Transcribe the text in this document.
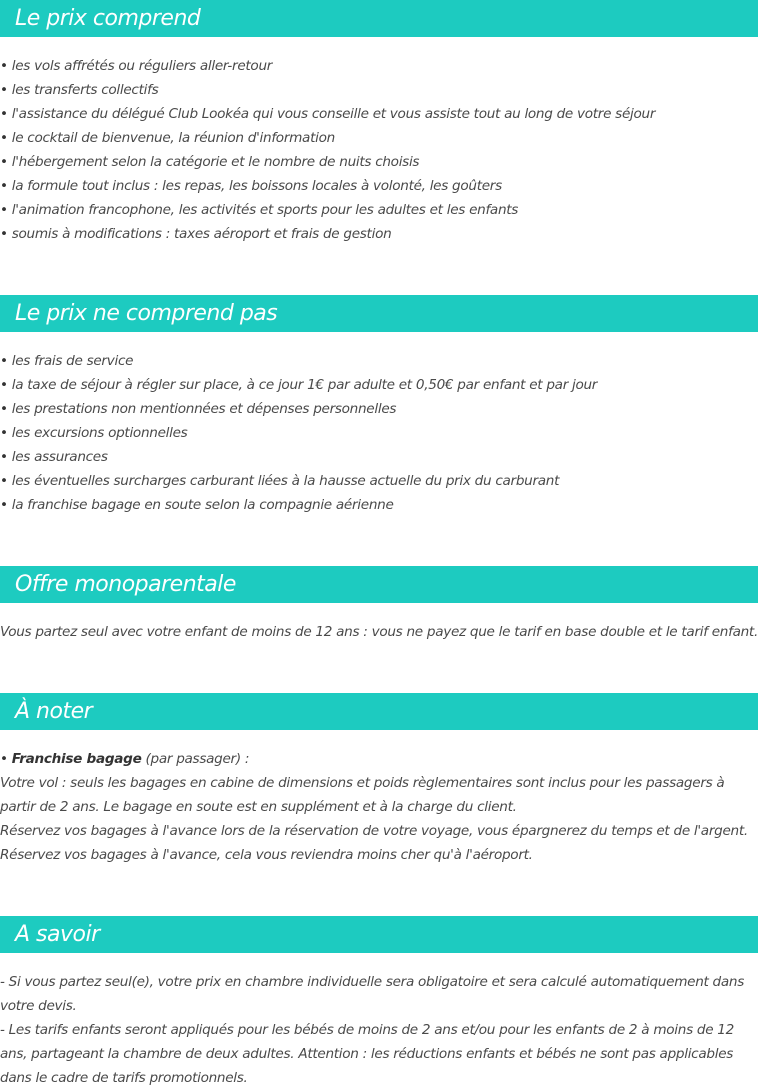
Le prix comprend
• les vols affrétés ou réguliers aller-retour
• les transferts collectifs
• l'assistance du délégué Club Lookéa qui vous conseille et vous assiste tout au long de votre séjour
• le cocktail de bienvenue, la réunion d'information
• l'hébergement selon la catégorie et le nombre de nuits choisis
• la formule tout inclus : les repas, les boissons locales à volonté, les goûters
• l'animation francophone, les activités et sports pour les adultes et les enfants
• soumis à modifications : taxes aéroport et frais de gestion
Le prix ne comprend pas
• les frais de service
• la taxe de séjour à régler sur place, à ce jour 1€ par adulte et 0,50€ par enfant et par jour
• les prestations non mentionnées et dépenses personnelles
• les excursions optionnelles
• les assurances
• les éventuelles surcharges carburant liées à la hausse actuelle du prix du carburant
• la franchise bagage en soute selon la compagnie aérienne
Offre monoparentale

Vous partez seul avec votre enfant de moins de 12 ans : vous ne payez que le tarif en base double et le tarif enfant.

À noter

• Franchise bagage (par passager) :

Votre vol : seuls les bagages en cabine de dimensions et poids règlementaires sont inclus pour les passagers à partir de 2 ans. Le bagage en soute est en supplément et à la charge du client.

Réservez vos bagages à l'avance lors de la réservation de votre voyage, vous épargnerez du temps et de l'argent.

Réservez vos bagages à l'avance, cela vous reviendra moins cher qu'à l'aéroport.

A savoir

- Si vous partez seul(e), votre prix en chambre individuelle sera obligatoire et sera calculé automatiquement dans votre devis.

- Les tarifs enfants seront appliqués pour les bébés de moins de 2 ans et/ou pour les enfants de 2 à moins de 12 ans, partageant la chambre de deux adultes. Attention : les réductions enfants et bébés ne sont pas applicables dans le cadre de tarifs promotionnels.
